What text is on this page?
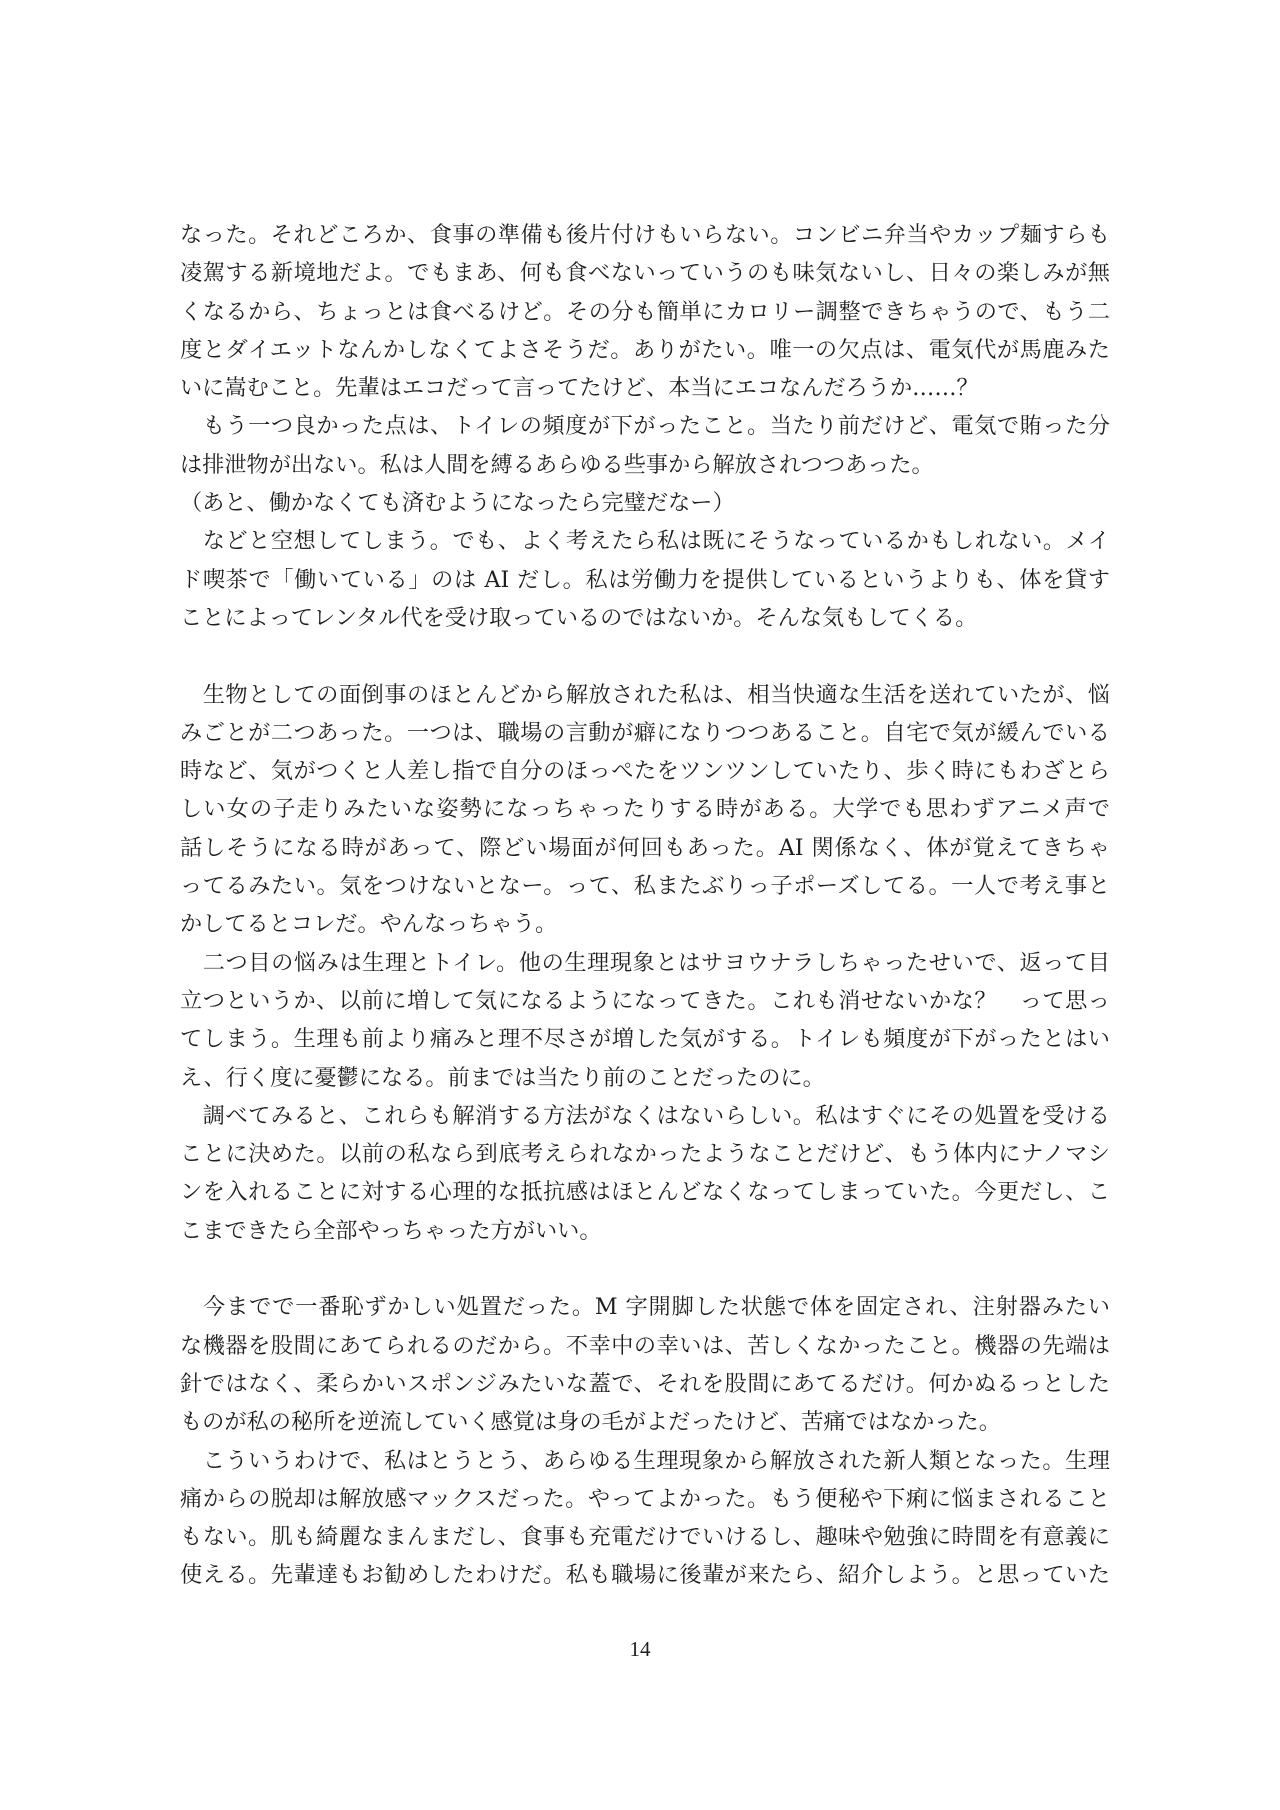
なった。それどころか、食事の準備も後片付けもいらない。コンビニ弁当やカップ麺すらも
凌駕する新境地だよ。でもまあ、何も食べないっていうのも味気ないし、日々の楽しみが無
くなるから、ちょっとは食べるけど。その分も簡単にカロリー調整できちゃうので、もう二
度とダイエットなんかしなくてよさそうだ。ありがたい。唯一の欠点は、電気代が馬鹿みた
いに嵩むこと。先輩はエコだって言ってたけど、本当にエコなんだろうか……？
　もう一つ良かった点は、トイレの頻度が下がったこと。当たり前だけど、電気で賄った分
は排泄物が出ない。私は人間を縛るあらゆる些事から解放されつつあった。
（あと、働かなくても済むようになったら完璧だなー）
　などと空想してしまう。でも、よく考えたら私は既にそうなっているかもしれない。メイ
ド喫茶で「働いている」のは AI だし。私は労働力を提供しているというよりも、体を貸す
ことによってレンタル代を受け取っているのではないか。そんな気もしてくる。
　生物としての面倒事のほとんどから解放された私は、相当快適な生活を送れていたが、悩
みごとが二つあった。一つは、職場の言動が癖になりつつあること。自宅で気が緩んでいる
時など、気がつくと人差し指で自分のほっぺたをツンツンしていたり、歩く時にもわざとら
しい女の子走りみたいな姿勢になっちゃったりする時がある。大学でも思わずアニメ声で
話しそうになる時があって、際どい場面が何回もあった。AI 関係なく、体が覚えてきちゃ
ってるみたい。気をつけないとなー。って、私またぶりっ子ポーズしてる。一人で考え事と
かしてるとコレだ。やんなっちゃう。
　二つ目の悩みは生理とトイレ。他の生理現象とはサヨウナラしちゃったせいで、返って目
立つというか、以前に増して気になるようになってきた。これも消せないかな？　って思っ
てしまう。生理も前より痛みと理不尽さが増した気がする。トイレも頻度が下がったとはい
え、行く度に憂鬱になる。前までは当たり前のことだったのに。
　調べてみると、これらも解消する方法がなくはないらしい。私はすぐにその処置を受ける
ことに決めた。以前の私なら到底考えられなかったようなことだけど、もう体内にナノマシ
ンを入れることに対する心理的な抵抗感はほとんどなくなってしまっていた。今更だし、こ
こまできたら全部やっちゃった方がいい。
　今までで一番恥ずかしい処置だった。M 字開脚した状態で体を固定され、注射器みたい
な機器を股間にあてられるのだから。不幸中の幸いは、苦しくなかったこと。機器の先端は
針ではなく、柔らかいスポンジみたいな蓋で、それを股間にあてるだけ。何かぬるっとした
ものが私の秘所を逆流していく感覚は身の毛がよだったけど、苦痛ではなかった。
　こういうわけで、私はとうとう、あらゆる生理現象から解放された新人類となった。生理
痛からの脱却は解放感マックスだった。やってよかった。もう便秘や下痢に悩まされること
もない。肌も綺麗なまんまだし、食事も充電だけでいけるし、趣味や勉強に時間を有意義に
使える。先輩達もお勧めしたわけだ。私も職場に後輩が来たら、紹介しよう。と思っていた
14
